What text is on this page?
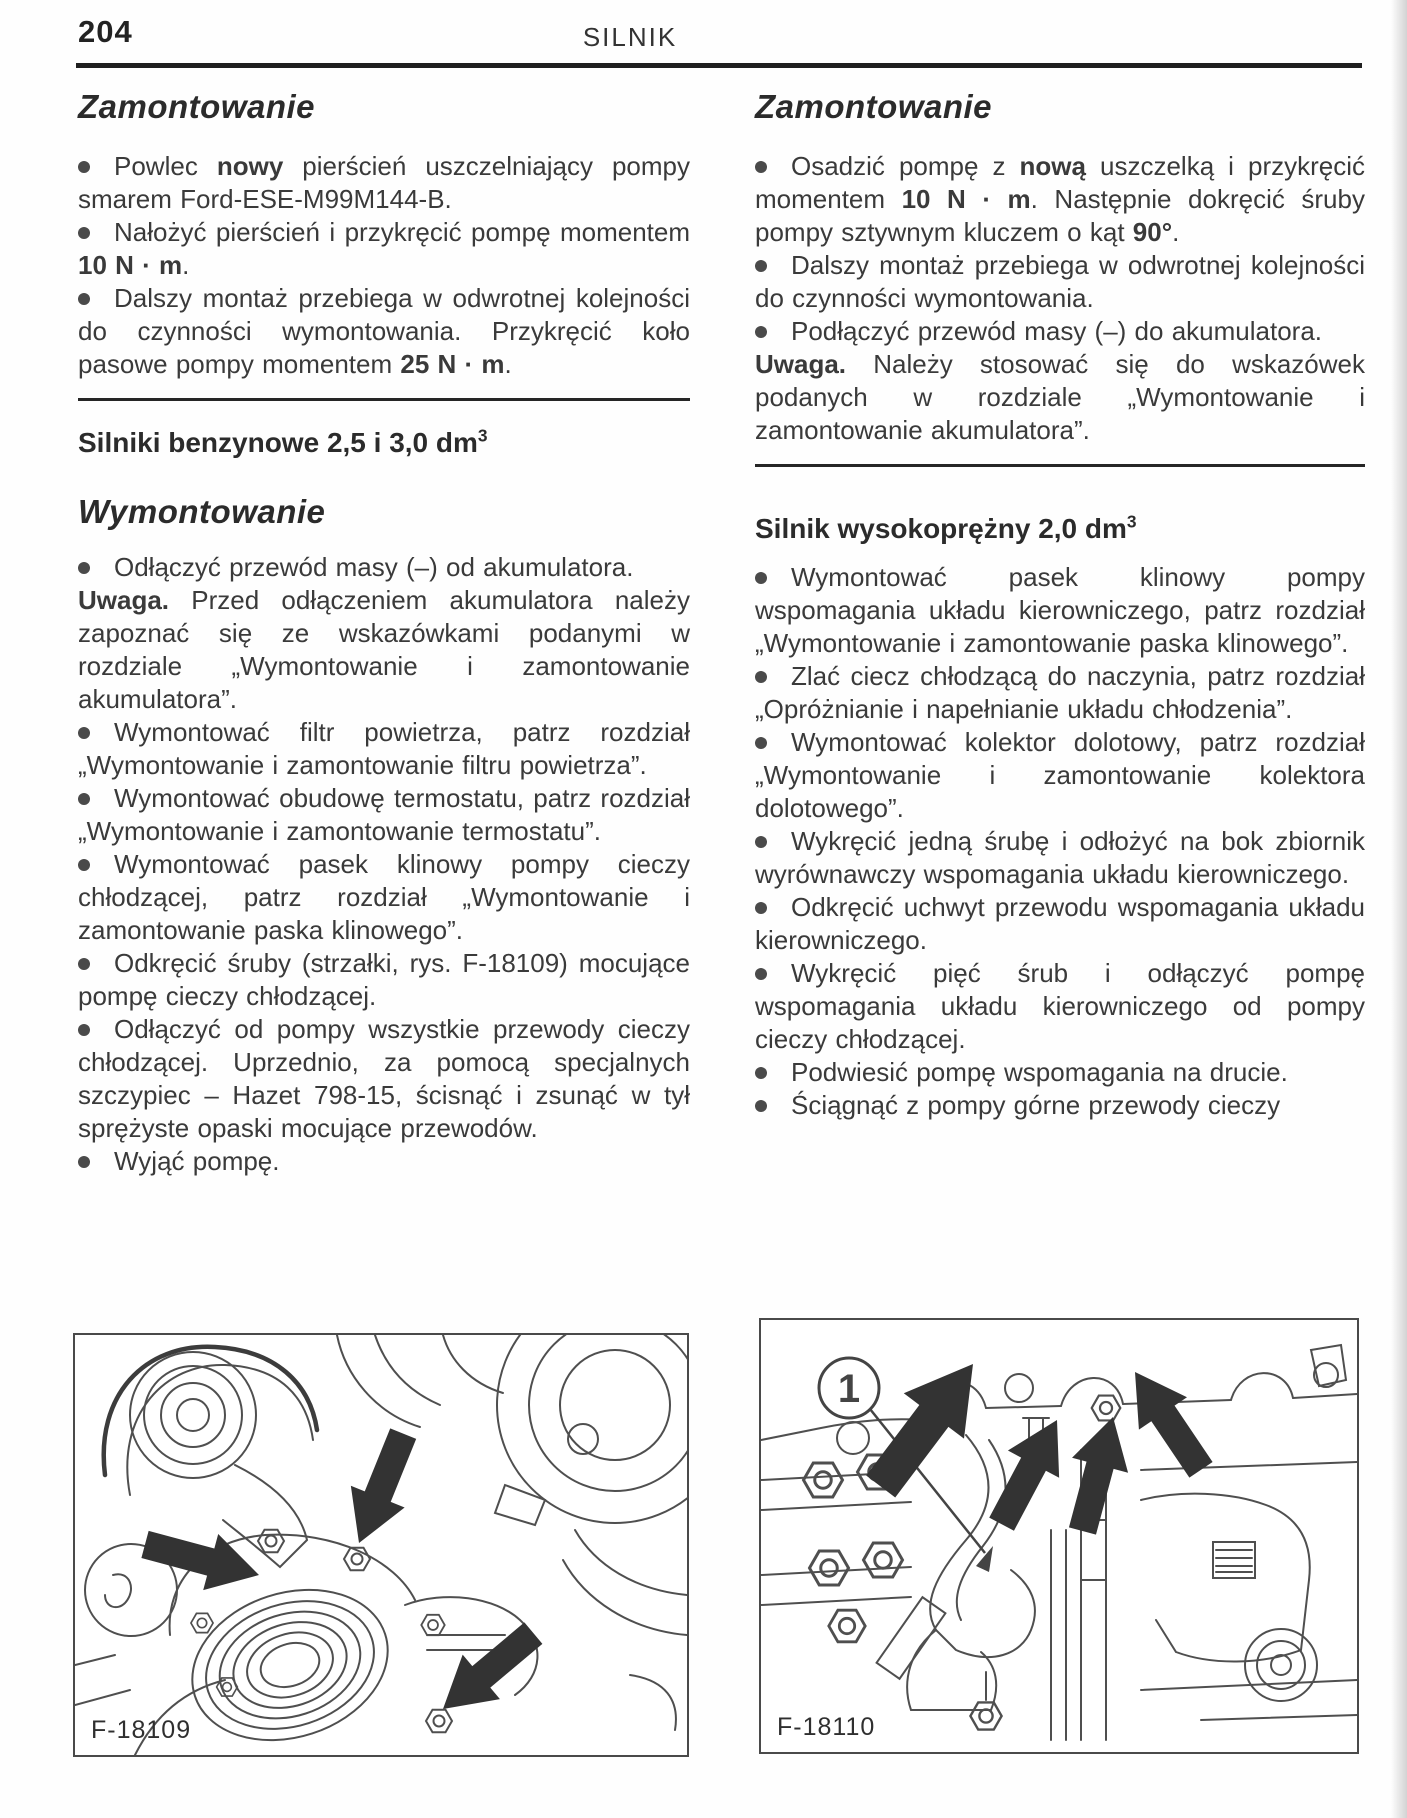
204	SILNIK
Zamontowanie

Powlec nowy pierścień uszczelniający pompy smarem Ford-ESE-M99M144-B.

Nałożyć pierścień i przykręcić pompę momentem 10 N · m.

Dalszy montaż przebiega w odwrotnej kolejności do czynności wymontowania. Przykręcić koło pasowe pompy momentem 25 N · m.

Silniki benzynowe 2,5 i 3,0 $dm^3$
Wymontowanie

Odłączyć przewód masy (–) od akumulatora.

Uwaga. Przed odłączeniem akumulatora należy zapoznać się ze wskazówkami podanymi w rozdziale „Wymontowanie i zamontowanie akumulatora”.

Wymontować filtr powietrza, patrz rozdział „Wymontowanie i zamontowanie filtru powietrza”.

Wymontować obudowę termostatu, patrz rozdział „Wymontowanie i zamontowanie termostatu”.

Wymontować pasek klinowy pompy cieczy chłodzącej, patrz rozdział „Wymontowanie i zamontowanie paska klinowego”.

Odkręcić śruby (strzałki, rys. F-18109) mocujące pompę cieczy chłodzącej.

Odłączyć od pompy wszystkie przewody cieczy chłodzącej. Uprzednio, za pomocą specjalnych szczypiec – Hazet 798-15, ścisnąć i zsunąć w tył sprężyste opaski mocujące przewodów.

Wyjąć pompę.

Zamontowanie

Osadzić pompę z nową uszczelką i przykręcić momentem 10 N · m. Następnie dokręcić śruby pompy sztywnym kluczem o kąt 90°.

Dalszy montaż przebiega w odwrotnej kolejności do czynności wymontowania.

Podłączyć przewód masy (–) do akumulatora.

Uwaga. Należy stosować się do wskazówek podanych w rozdziale „Wymontowanie i zamontowanie akumulatora”.

Silnik wysokoprężny 2,0 $dm^3$

Wymontować pasek klinowy pompy wspomagania układu kierowniczego, patrz rozdział „Wymontowanie i zamontowanie paska klinowego”.

Zlać ciecz chłodzącą do naczynia, patrz rozdział „Opróżnianie i napełnianie układu chłodzenia”.

Wymontować kolektor dolotowy, patrz rozdział „Wymontowanie i zamontowanie kolektora dolotowego”.

Wykręcić jedną śrubę i odłożyć na bok zbiornik wyrównawczy wspomagania układu kierowniczego.

Odkręcić uchwyt przewodu wspomagania układu kierowniczego.

Wykręcić pięć śrub i odłączyć pompę wspomagania układu kierowniczego od pompy cieczy chłodzącej.

Podwiesić pompę wspomagania na drucie.

Ściągnąć z pompy górne przewody cieczy

F-18109
1
F-18110
